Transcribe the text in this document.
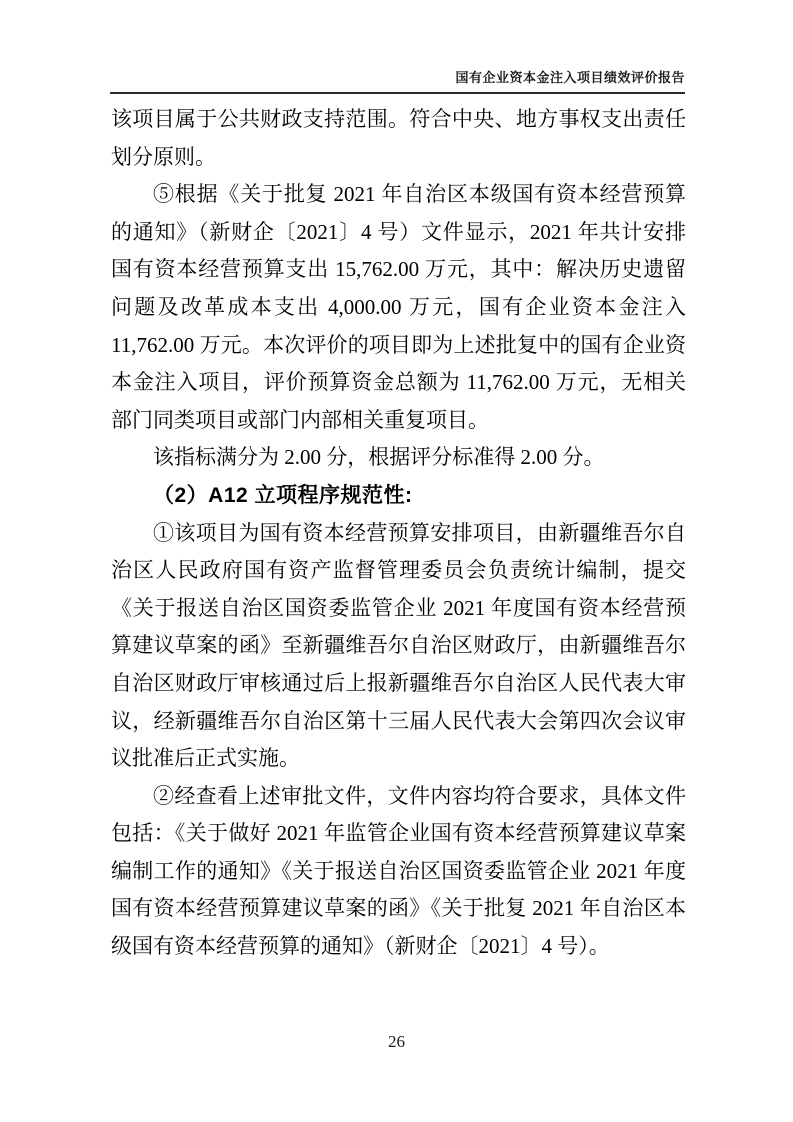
国有企业资本金注入项目绩效评价报告

该项目属于公共财政支持范围。符合中央、地方事权支出责任划分原则。

⑤根据《关于批复 2021 年自治区本级国有资本经营预算的通知》（新财企〔2021〕4 号）文件显示，2021 年共计安排国有资本经营预算支出 15,762.00 万元，其中：解决历史遗留问题及改革成本支出 4,000.00 万元，国有企业资本金注入 11,762.00 万元。本次评价的项目即为上述批复中的国有企业资本金注入项目，评价预算资金总额为 11,762.00 万元，无相关部门同类项目或部门内部相关重复项目。

该指标满分为 2.00 分，根据评分标准得 2.00 分。

（2）A12 立项程序规范性:

①该项目为国有资本经营预算安排项目，由新疆维吾尔自治区人民政府国有资产监督管理委员会负责统计编制，提交《关于报送自治区国资委监管企业 2021 年度国有资本经营预算建议草案的函》至新疆维吾尔自治区财政厅，由新疆维吾尔自治区财政厅审核通过后上报新疆维吾尔自治区人民代表大审议，经新疆维吾尔自治区第十三届人民代表大会第四次会议审议批准后正式实施。

②经查看上述审批文件，文件内容均符合要求，具体文件包括：《关于做好 2021 年监管企业国有资本经营预算建议草案编制工作的通知》《关于报送自治区国资委监管企业 2021 年度国有资本经营预算建议草案的函》《关于批复 2021 年自治区本级国有资本经营预算的通知》（新财企〔2021〕4 号）。

26
